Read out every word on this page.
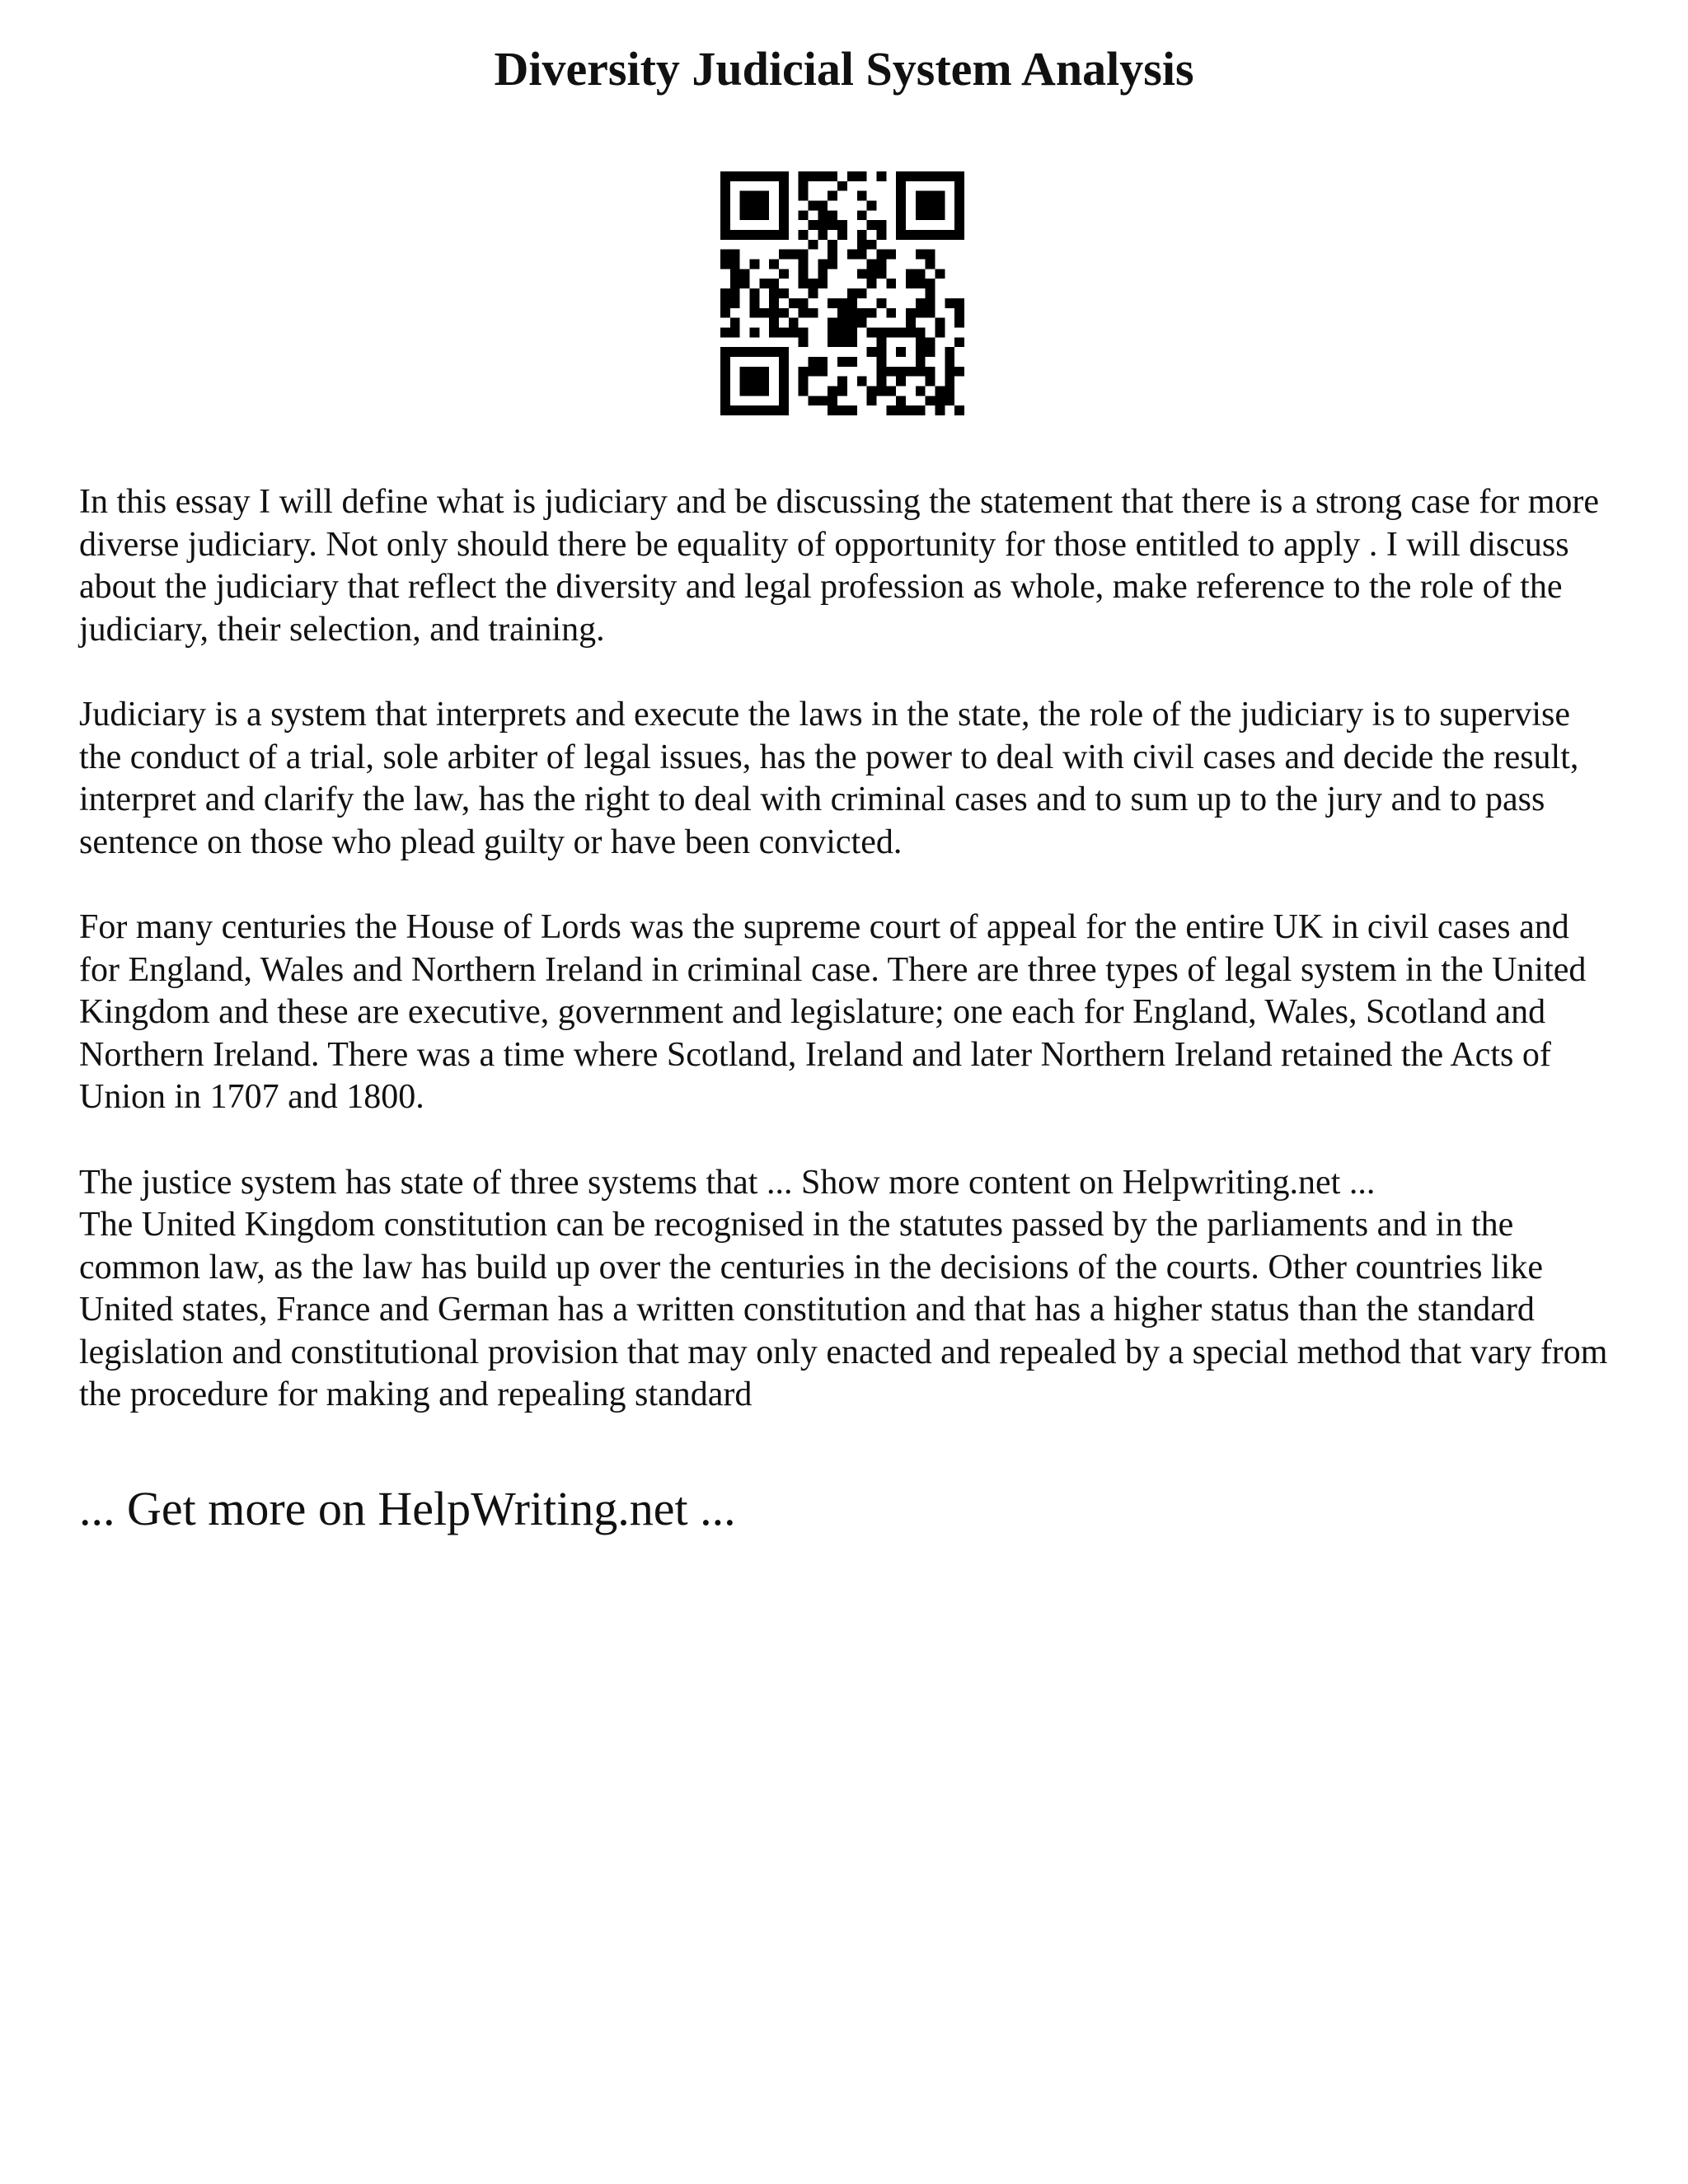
Diversity Judicial System Analysis

In this essay I will define what is judiciary and be discussing the statement that there is a strong case for more diverse judiciary. Not only should there be equality of opportunity for those entitled to apply . I will discuss about the judiciary that reflect the diversity and legal profession as whole, make reference to the role of the judiciary, their selection, and training.

Judiciary is a system that interprets and execute the laws in the state, the role of the judiciary is to supervise the conduct of a trial, sole arbiter of legal issues, has the power to deal with civil cases and decide the result, interpret and clarify the law, has the right to deal with criminal cases and to sum up to the jury and to pass sentence on those who plead guilty or have been convicted.

For many centuries the House of Lords was the supreme court of appeal for the entire UK in civil cases and for England, Wales and Northern Ireland in criminal case. There are three types of legal system in the United Kingdom and these are executive, government and legislature; one each for England, Wales, Scotland and Northern Ireland. There was a time where Scotland, Ireland and later Northern Ireland retained the Acts of Union in 1707 and 1800.

The justice system has state of three systems that ... Show more content on Helpwriting.net ...

The United Kingdom constitution can be recognised in the statutes passed by the parliaments and in the common law, as the law has build up over the centuries in the decisions of the courts. Other countries like United states, France and German has a written constitution and that has a higher status than the standard legislation and constitutional provision that may only enacted and repealed by a special method that vary from the procedure for making and repealing standard

... Get more on HelpWriting.net ...
